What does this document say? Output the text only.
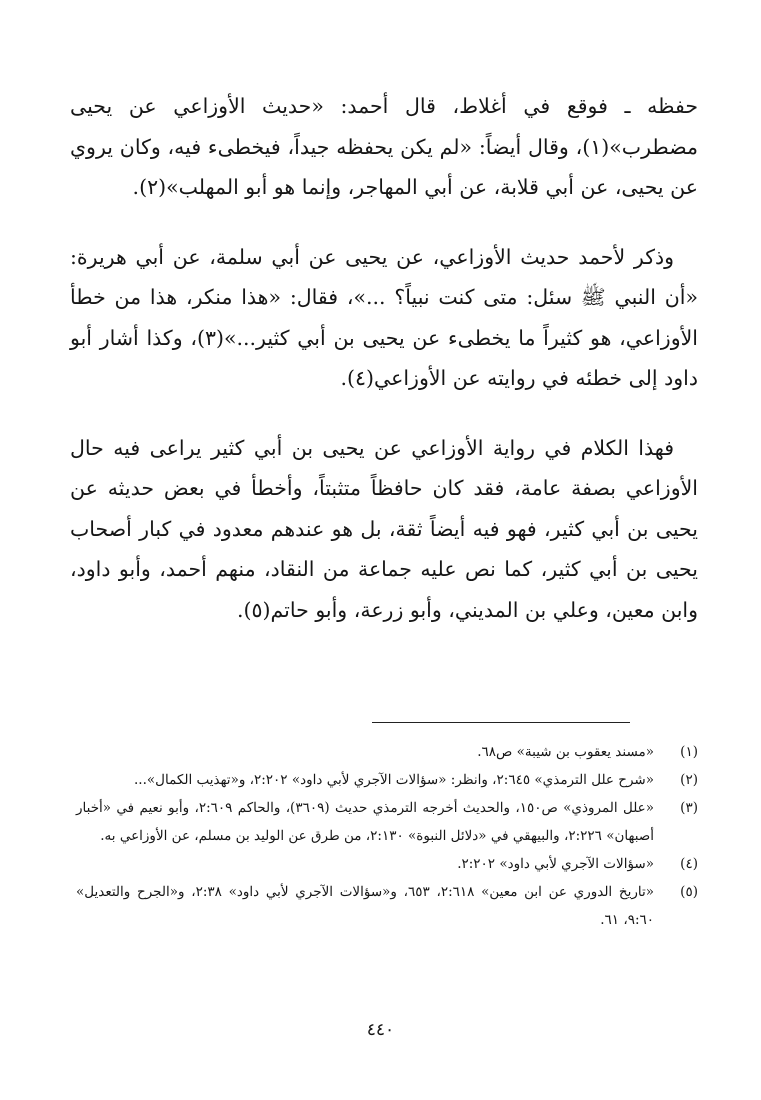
حفظه ـ فوقع في أغلاط، قال أحمد: «حديث الأوزاعي عن يحيى مضطرب»(١)، وقال أيضاً: «لم يكن يحفظه جيداً، فيخطىء فيه، وكان يروي عن يحيى، عن أبي قلابة، عن أبي المهاجر، وإنما هو أبو المهلب»(٢).

وذكر لأحمد حديث الأوزاعي، عن يحيى عن أبي سلمة، عن أبي هريرة: «أن النبي ﷺ سئل: متى كنت نبياً؟ ...»، فقال: «هذا منكر، هذا من خطأ الأوزاعي، هو كثيراً ما يخطىء عن يحيى بن أبي كثير...»(٣)، وكذا أشار أبو داود إلى خطئه في روايته عن الأوزاعي(٤).

فهذا الكلام في رواية الأوزاعي عن يحيى بن أبي كثير يراعى فيه حال الأوزاعي بصفة عامة، فقد كان حافظاً متثبتاً، وأخطأ في بعض حديثه عن يحيى بن أبي كثير، فهو فيه أيضاً ثقة، بل هو عندهم معدود في كبار أصحاب يحيى بن أبي كثير، كما نص عليه جماعة من النقاد، منهم أحمد، وأبو داود، وابن معين، وعلي بن المديني، وأبو زرعة، وأبو حاتم(٥).

(١)
«مسند يعقوب بن شيبة» ص٦٨.
(٢)
«شرح علل الترمذي» ٢:٦٤٥، وانظر: «سؤالات الآجري لأبي داود» ٢:٢٠٢، و«تهذيب الكمال»...
(٣)
«علل المروذي» ص١٥٠، والحديث أخرجه الترمذي حديث (٣٦٠٩)، والحاكم ٢:٦٠٩، وأبو نعيم في «أخبار أصبهان» ٢:٢٢٦، والبيهقي في «دلائل النبوة» ٢:١٣٠، من طرق عن الوليد بن مسلم، عن الأوزاعي به.
(٤)
«سؤالات الآجري لأبي داود» ٢:٢٠٢.
(٥)
«تاريخ الدوري عن ابن معين» ٢:٦١٨، ٦٥٣، و«سؤالات الآجري لأبي داود» ٢:٣٨، و«الجرح والتعديل» ٩:٦٠، ٦١.
٤٤٠
